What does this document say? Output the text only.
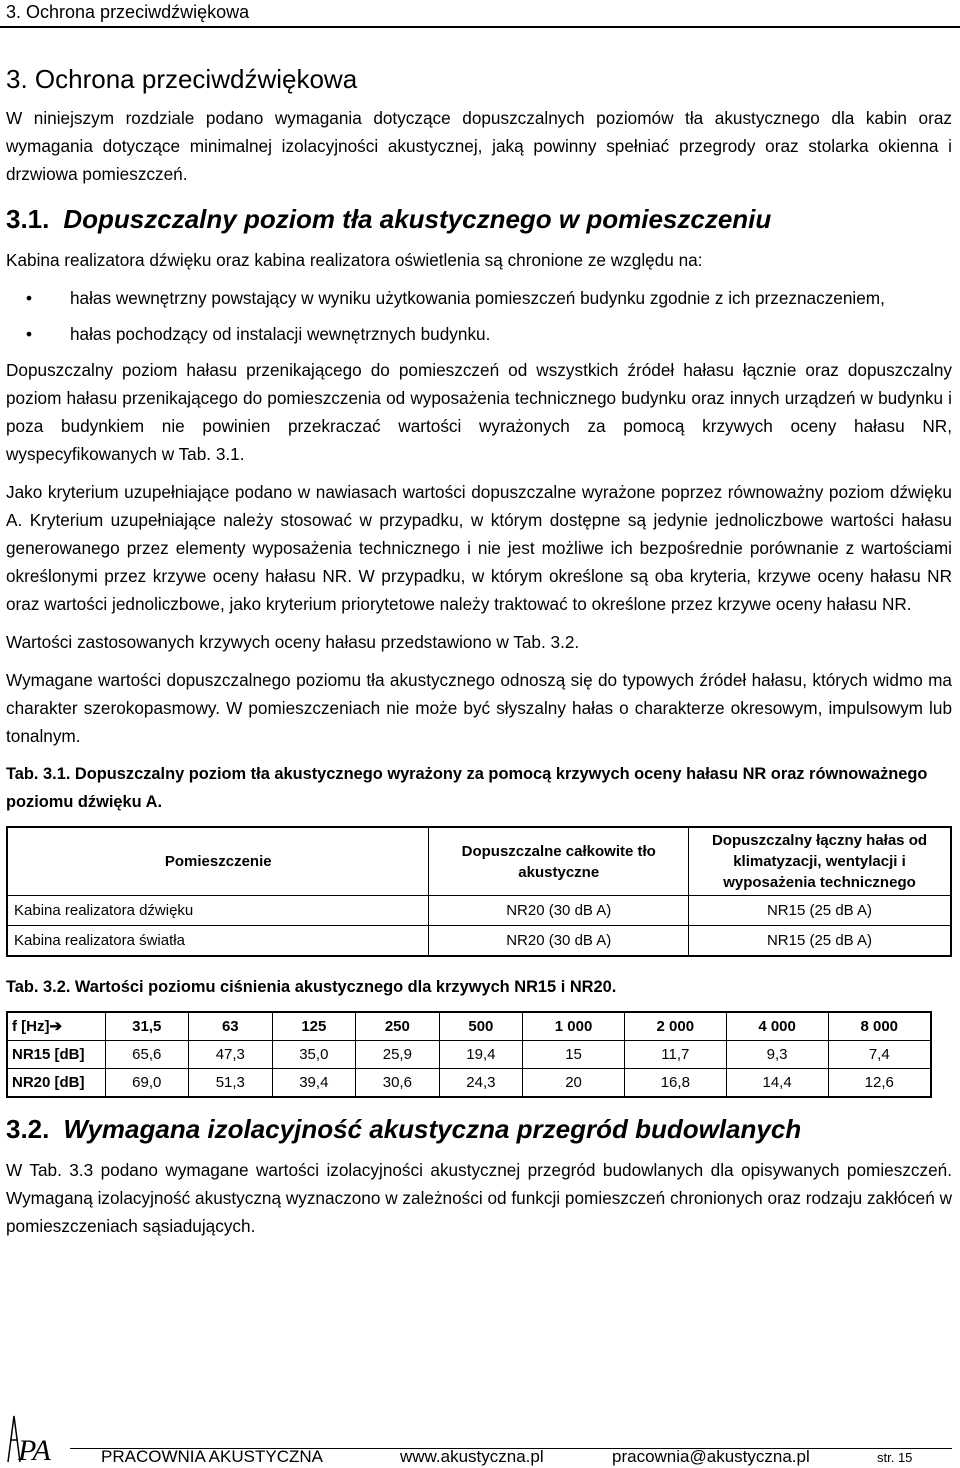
3. Ochrona przeciwdźwiękowa
3. Ochrona przeciwdźwiękowa

W niniejszym rozdziale podano wymagania dotyczące dopuszczalnych poziomów tła akustycznego dla kabin oraz wymagania dotyczące minimalnej izolacyjności akustycznej, jaką powinny spełniać przegrody oraz stolarka okienna i drzwiowa pomieszczeń.

3.1. Dopuszczalny poziom tła akustycznego w pomieszczeniu

Kabina realizatora dźwięku oraz kabina realizatora oświetlenia są chronione ze względu na:

• hałas wewnętrzny powstający w wyniku użytkowania pomieszczeń budynku zgodnie z ich przeznaczeniem,
• hałas pochodzący od instalacji wewnętrznych budynku.

Dopuszczalny poziom hałasu przenikającego do pomieszczeń od wszystkich źródeł hałasu łącznie oraz dopuszczalny poziom hałasu przenikającego do pomieszczenia od wyposażenia technicznego budynku oraz innych urządzeń w budynku i poza budynkiem nie powinien przekraczać wartości wyrażonych za pomocą krzywych oceny hałasu NR, wyspecyfikowanych w Tab. 3.1.

Jako kryterium uzupełniające podano w nawiasach wartości dopuszczalne wyrażone poprzez równoważny poziom dźwięku A. Kryterium uzupełniające należy stosować w przypadku, w którym dostępne są jedynie jednoliczbowe wartości hałasu generowanego przez elementy wyposażenia technicznego i nie jest możliwe ich bezpośrednie porównanie z wartościami określonymi przez krzywe oceny hałasu NR. W przypadku, w którym określone są oba kryteria, krzywe oceny hałasu NR oraz wartości jednoliczbowe, jako kryterium priorytetowe należy traktować to określone przez krzywe oceny hałasu NR.

Wartości zastosowanych krzywych oceny hałasu przedstawiono w Tab. 3.2.

Wymagane wartości dopuszczalnego poziomu tła akustycznego odnoszą się do typowych źródeł hałasu, których widmo ma charakter szerokopasmowy. W pomieszczeniach nie może być słyszalny hałas o charakterze okresowym, impulsowym lub tonalnym.

Tab. 3.1. Dopuszczalny poziom tła akustycznego wyrażony za pomocą krzywych oceny hałasu NR oraz równoważnego poziomu dźwięku A.
Pomieszczenie	Dopuszczalne całkowite tło akustyczne	Dopuszczalny łączny hałas od klimatyzacji, wentylacji i wyposażenia technicznego
Kabina realizatora dźwięku	NR20 (30 dB A)	NR15 (25 dB A)
Kabina realizatora światła	NR20 (30 dB A)	NR15 (25 dB A)
Tab. 3.2. Wartości poziomu ciśnienia akustycznego dla krzywych NR15 i NR20.
f [Hz]➔	31,5	63	125	250	500	1 000	2 000	4 000	8 000
NR15 [dB]	65,6	47,3	35,0	25,9	19,4	15	11,7	9,3	7,4
NR20 [dB]	69,0	51,3	39,4	30,6	24,3	20	16,8	14,4	12,6
3.2. Wymagana izolacyjność akustyczna przegród budowlanych

W Tab. 3.3 podano wymagane wartości izolacyjności akustycznej przegród budowlanych dla opisywanych pomieszczeń. Wymaganą izolacyjność akustyczną wyznaczono w zależności od funkcji pomieszczeń chronionych oraz rodzaju zakłóceń w pomieszczeniach sąsiadujących.

PA	PRACOWNIA AKUSTYCZNA	www.akustyczna.pl	pracownia@akustyczna.pl	str. 15
